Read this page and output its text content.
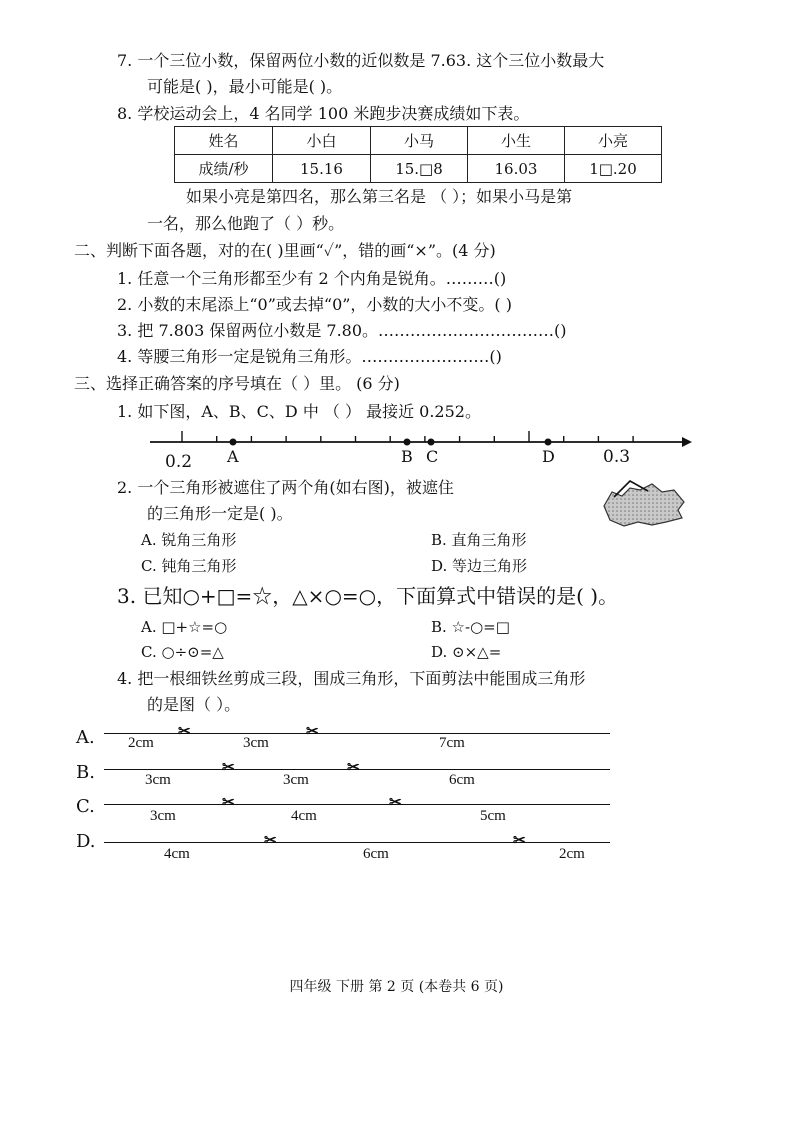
7. 一个三位小数，保留两位小数的近似数是 7.63. 这个三位小数最大
可能是( )，最小可能是( )。
8. 学校运动会上，4 名同学 100 米跑步决赛成绩如下表。
姓名	小白	小马	小生	小亮
成绩/秒	15.16	15.□8	16.03	1□.20
如果小亮是第四名，那么第三名是 （ ）；如果小马是第
一名，那么他跑了（ ）秒。
二、判断下面各题，对的在( )里画“✓”，错的画“×”。(4 分)
1. 任意一个三角形都至少有 2 个内角是锐角。………()
2. 小数的末尾添上“0”或去掉“0”，小数的大小不变。( )
3. 把 7.803 保留两位小数是 7.80。……………………………()
4. 等腰三角形一定是锐角三角形。……………………()
三、选择正确答案的序号填在（ ）里。 (6 分)
1. 如下图，A、B、C、D 中 （ ） 最接近 0.252。
0.2 A	B C	D	0.3
2. 一个三角形被遮住了两个角(如右图)，被遮住
的三角形一定是( )。
A. 锐角三角形	B. 直角三角形
C. 钝角三角形	D. 等边三角形
3. 已知○+□=☆，△×○=○，下面算式中错误的是( )。
A. □+☆=○	B. ☆-○=□
C. ○÷⊙=△	D. ⊙×△=
4. 把一根细铁丝剪成三段，围成三角形，下面剪法中能围成三角形
的是图（ ）。
A.	✂	✂
2cm	3cm	7cm
B.	✂	✂
3cm	3cm	6cm
C.	✂	✂
3cm	4cm	5cm
D.	✂	✂
4cm	6cm	2cm
四年级 下册 第 2 页 (本卷共 6 页)
